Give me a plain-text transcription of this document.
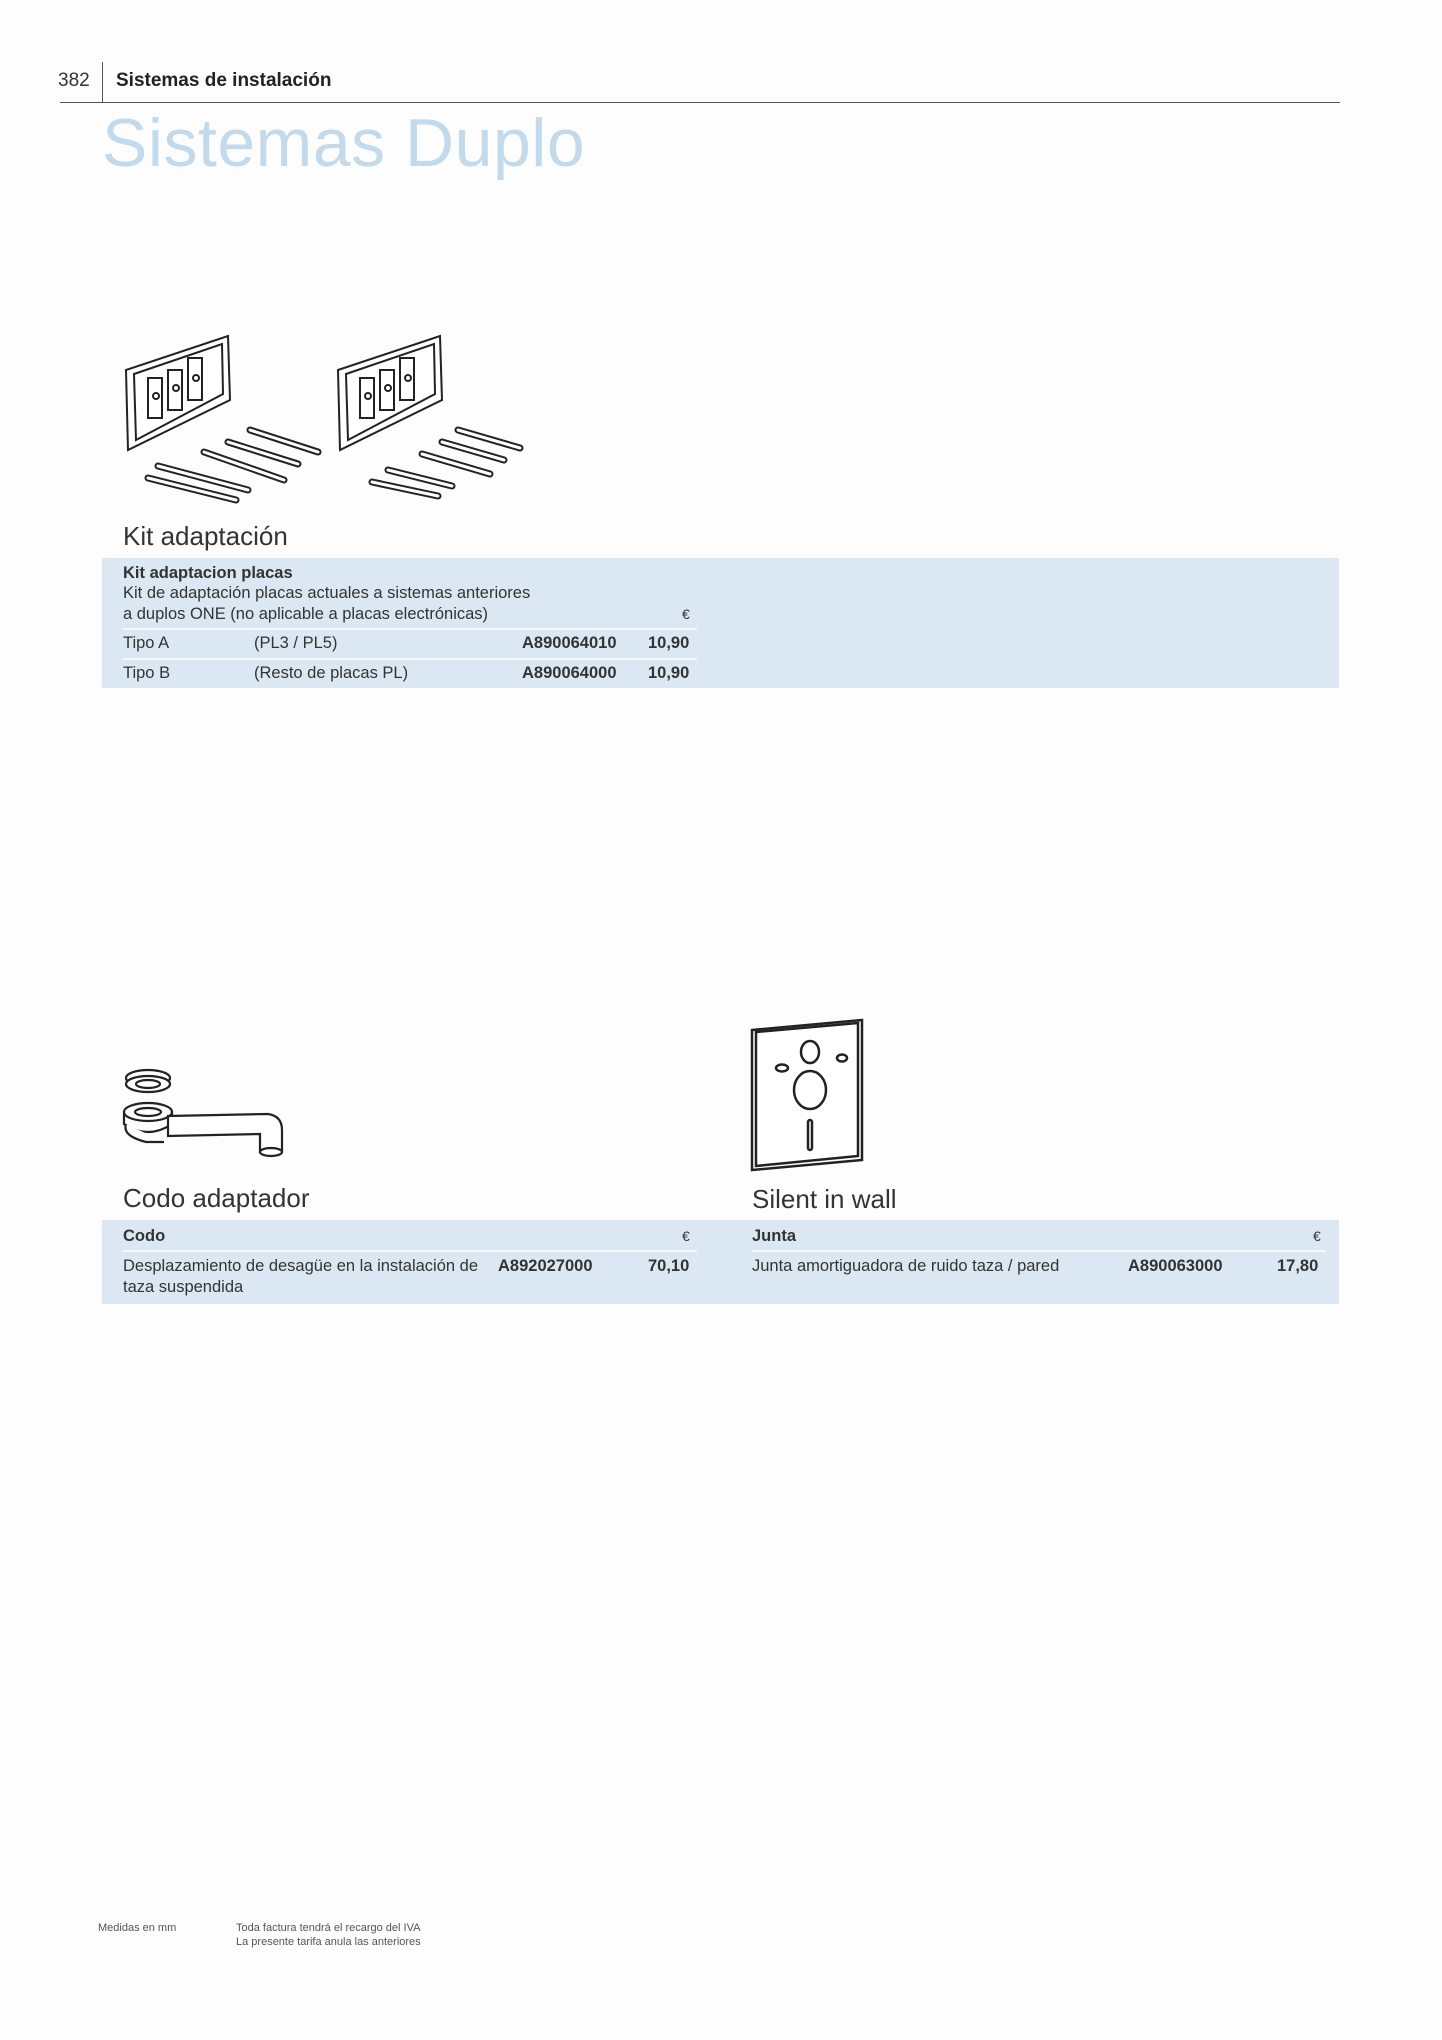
382 Sistemas de instalación
Sistemas Duplo
Kit adaptación
Kit adaptacion placas
Kit de adaptación placas actuales a sistemas anteriores
a duplos ONE (no aplicable a placas electrónicas)	€
Tipo A	(PL3 / PL5)	A890064010 10,90
Tipo B	(Resto de placas PL)	A890064000 10,90
Codo adaptador
Codo	€
Desplazamiento de desagüe en la instalación de
taza suspendida
A892027000	70,10
Junta	€
Junta amortiguadora de ruido taza / pared	A890063000	17,80
Silent in wall
Medidas en mm	Toda factura tendrá el recargo del IVA
La presente tarifa anula las anteriores
